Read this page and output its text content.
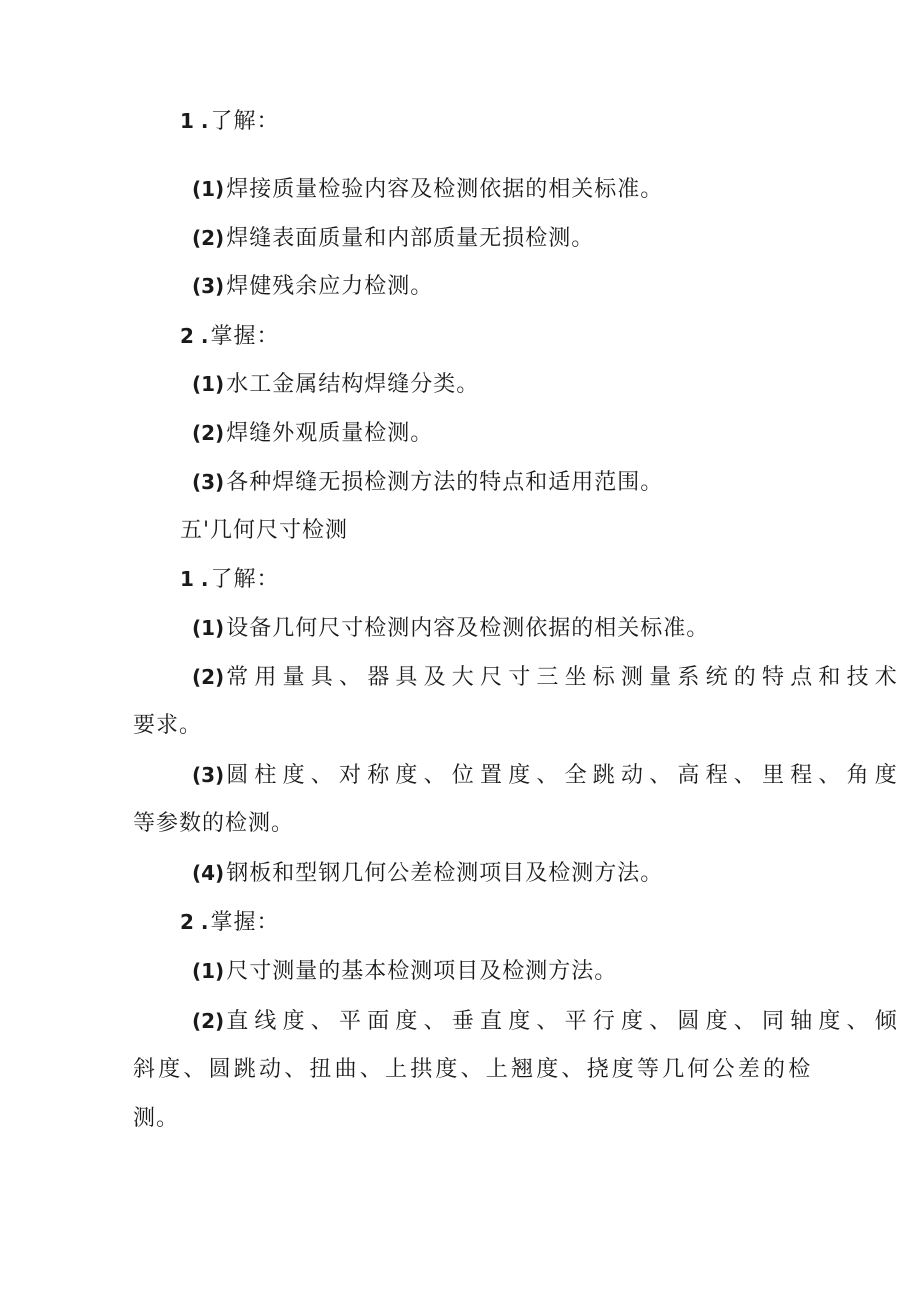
1 .了解：
(1)焊接质量检验内容及检测依据的相关标准。
(2)焊缝表面质量和内部质量无损检测。
(3)焊健残余应力检测。
2 .掌握：
(1)水工金属结构焊缝分类。
(2)焊缝外观质量检测。
(3)各种焊缝无损检测方法的特点和适用范围。
五'几何尺寸检测
1 .了解：
(1)设备几何尺寸检测内容及检测依据的相关标准。
(2)常用量具、器具及大尺寸三坐标测量系统的特点和技术
要求。
(3)圆柱度、对称度、位置度、全跳动、高程、里程、角度
等参数的检测。
(4)钢板和型钢几何公差检测项目及检测方法。
2 .掌握：
(1)尺寸测量的基本检测项目及检测方法。
(2)直线度、平面度、垂直度、平行度、圆度、同轴度、倾
斜度、圆跳动、扭曲、上拱度、上翘度、挠度等几何公差的检
测。
